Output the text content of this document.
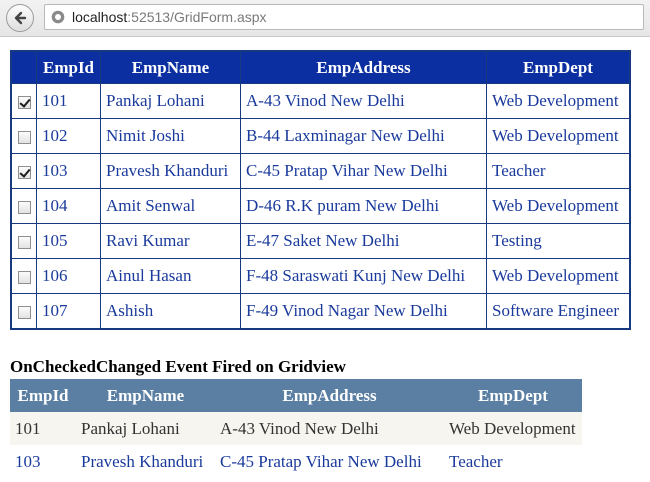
localhost:52513/GridForm.aspx
	EmpId	EmpName	EmpAddress	EmpDept
	101	Pankaj Lohani	A-43 Vinod New Delhi	Web Development
	102	Nimit Joshi	B-44 Laxminagar New Delhi	Web Development
	103	Pravesh Khanduri	C-45 Pratap Vihar New Delhi	Teacher
	104	Amit Senwal	D-46 R.K puram New Delhi	Web Development
	105	Ravi Kumar	E-47 Saket New Delhi	Testing
	106	Ainul Hasan	F-48 Saraswati Kunj New Delhi	Web Development
	107	Ashish	F-49 Vinod Nagar New Delhi	Software Engineer
OnCheckedChanged Event Fired on Gridview
EmpId	EmpName	EmpAddress	EmpDept
101	Pankaj Lohani	A-43 Vinod New Delhi	Web Development
103	Pravesh Khanduri	C-45 Pratap Vihar New Delhi	Teacher
